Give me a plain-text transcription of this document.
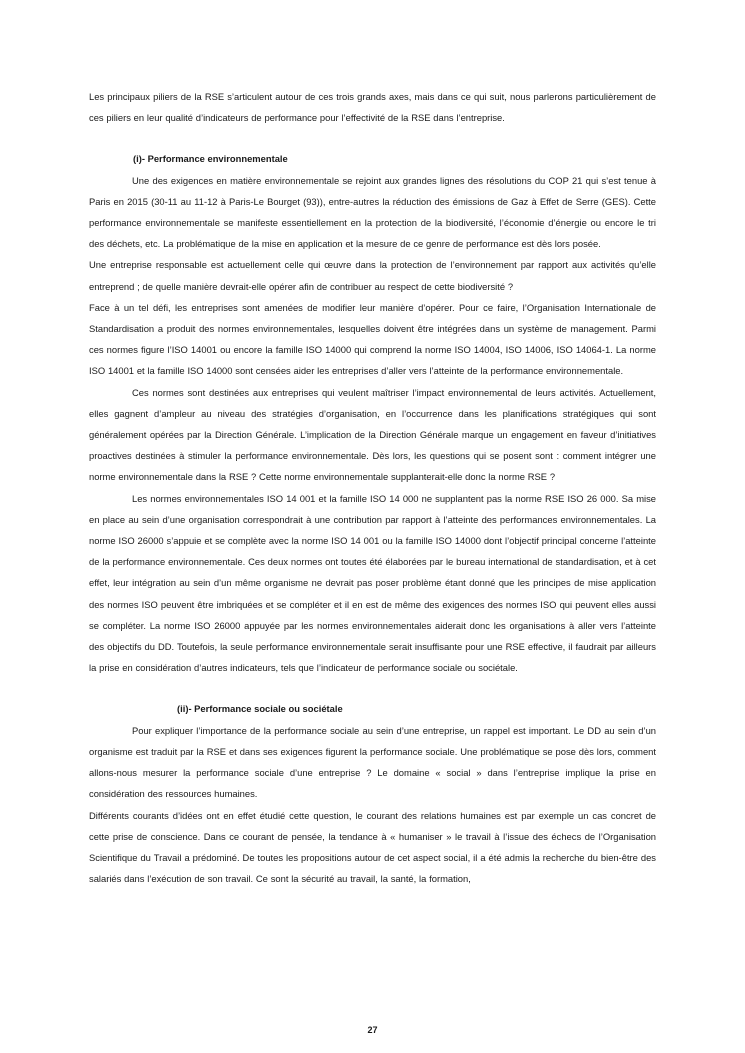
Les principaux piliers de la RSE s’articulent autour de ces trois grands axes, mais dans ce qui suit, nous parlerons particulièrement de ces piliers en leur qualité d’indicateurs de performance pour l’effectivité de la RSE dans l’entreprise.

(i)- Performance environnementale

Une des exigences en matière environnementale se rejoint aux grandes lignes des résolutions du COP 21 qui s’est tenue à Paris en 2015 (30-11 au 11-12 à Paris-Le Bourget (93)), entre-autres la réduction des émissions de Gaz à Effet de Serre (GES). Cette performance environnementale se manifeste essentiellement en la protection de la biodiversité, l’économie d’énergie ou encore le tri des déchets, etc. La problématique de la mise en application et la mesure de ce genre de performance est dès lors posée.

Une entreprise responsable est actuellement celle qui œuvre dans la protection de l’environnement par rapport aux activités qu’elle entreprend ; de quelle manière devrait-elle opérer afin de contribuer au respect de cette biodiversité ?

Face à un tel défi, les entreprises sont amenées de modifier leur manière d’opérer. Pour ce faire, l’Organisation Internationale de Standardisation a produit des normes environnementales, lesquelles doivent être intégrées dans un système de management. Parmi ces normes figure l’ISO 14001 ou encore la famille ISO 14000 qui comprend la norme ISO 14004, ISO 14006, ISO 14064-1. La norme ISO 14001 et la famille ISO 14000 sont censées aider les entreprises d’aller vers l’atteinte de la performance environnementale.

Ces normes sont destinées aux entreprises qui veulent maîtriser l’impact environnemental de leurs activités. Actuellement, elles gagnent d’ampleur au niveau des stratégies d’organisation, en l’occurrence dans les planifications stratégiques qui sont généralement opérées par la Direction Générale. L’implication de la Direction Générale marque un engagement en faveur d’initiatives proactives destinées à stimuler la performance environnementale. Dès lors, les questions qui se posent sont : comment intégrer une norme environnementale dans la RSE ? Cette norme environnementale supplanterait-elle donc la norme RSE ?

Les normes environnementales ISO 14 001 et la famille ISO 14 000 ne supplantent pas la norme RSE ISO 26 000. Sa mise en place au sein d’une organisation correspondrait à une contribution par rapport à l’atteinte des performances environnementales. La norme ISO 26000 s’appuie et se complète avec la norme ISO 14 001 ou la famille ISO 14000 dont l’objectif principal concerne l’atteinte de la performance environnementale. Ces deux normes ont toutes été élaborées par le bureau international de standardisation, et à cet effet, leur intégration au sein d’un même organisme ne devrait pas poser problème étant donné que les principes de mise application des normes ISO peuvent être imbriquées et se compléter et il en est de même des exigences des normes ISO qui peuvent elles aussi se compléter. La norme ISO 26000 appuyée par les normes environnementales aiderait donc les organisations à aller vers l’atteinte des objectifs du DD. Toutefois, la seule performance environnementale serait insuffisante pour une RSE effective, il faudrait par ailleurs la prise en considération d’autres indicateurs, tels que l’indicateur de performance sociale ou sociétale.

(ii)- Performance sociale ou sociétale

Pour expliquer l’importance de la performance sociale au sein d’une entreprise, un rappel est important. Le DD au sein d’un organisme est traduit par la RSE et dans ses exigences figurent la performance sociale. Une problématique se pose dès lors, comment allons-nous mesurer la performance sociale d’une entreprise ? Le domaine « social » dans l’entreprise implique la prise en considération des ressources humaines.

Différents courants d’idées ont en effet étudié cette question, le courant des relations humaines est par exemple un cas concret de cette prise de conscience. Dans ce courant de pensée, la tendance à « humaniser » le travail à l’issue des échecs de l’Organisation Scientifique du Travail a prédominé. De toutes les propositions autour de cet aspect social, il a été admis la recherche du bien-être des salariés dans l’exécution de son travail. Ce sont la sécurité au travail, la santé, la formation,

27
